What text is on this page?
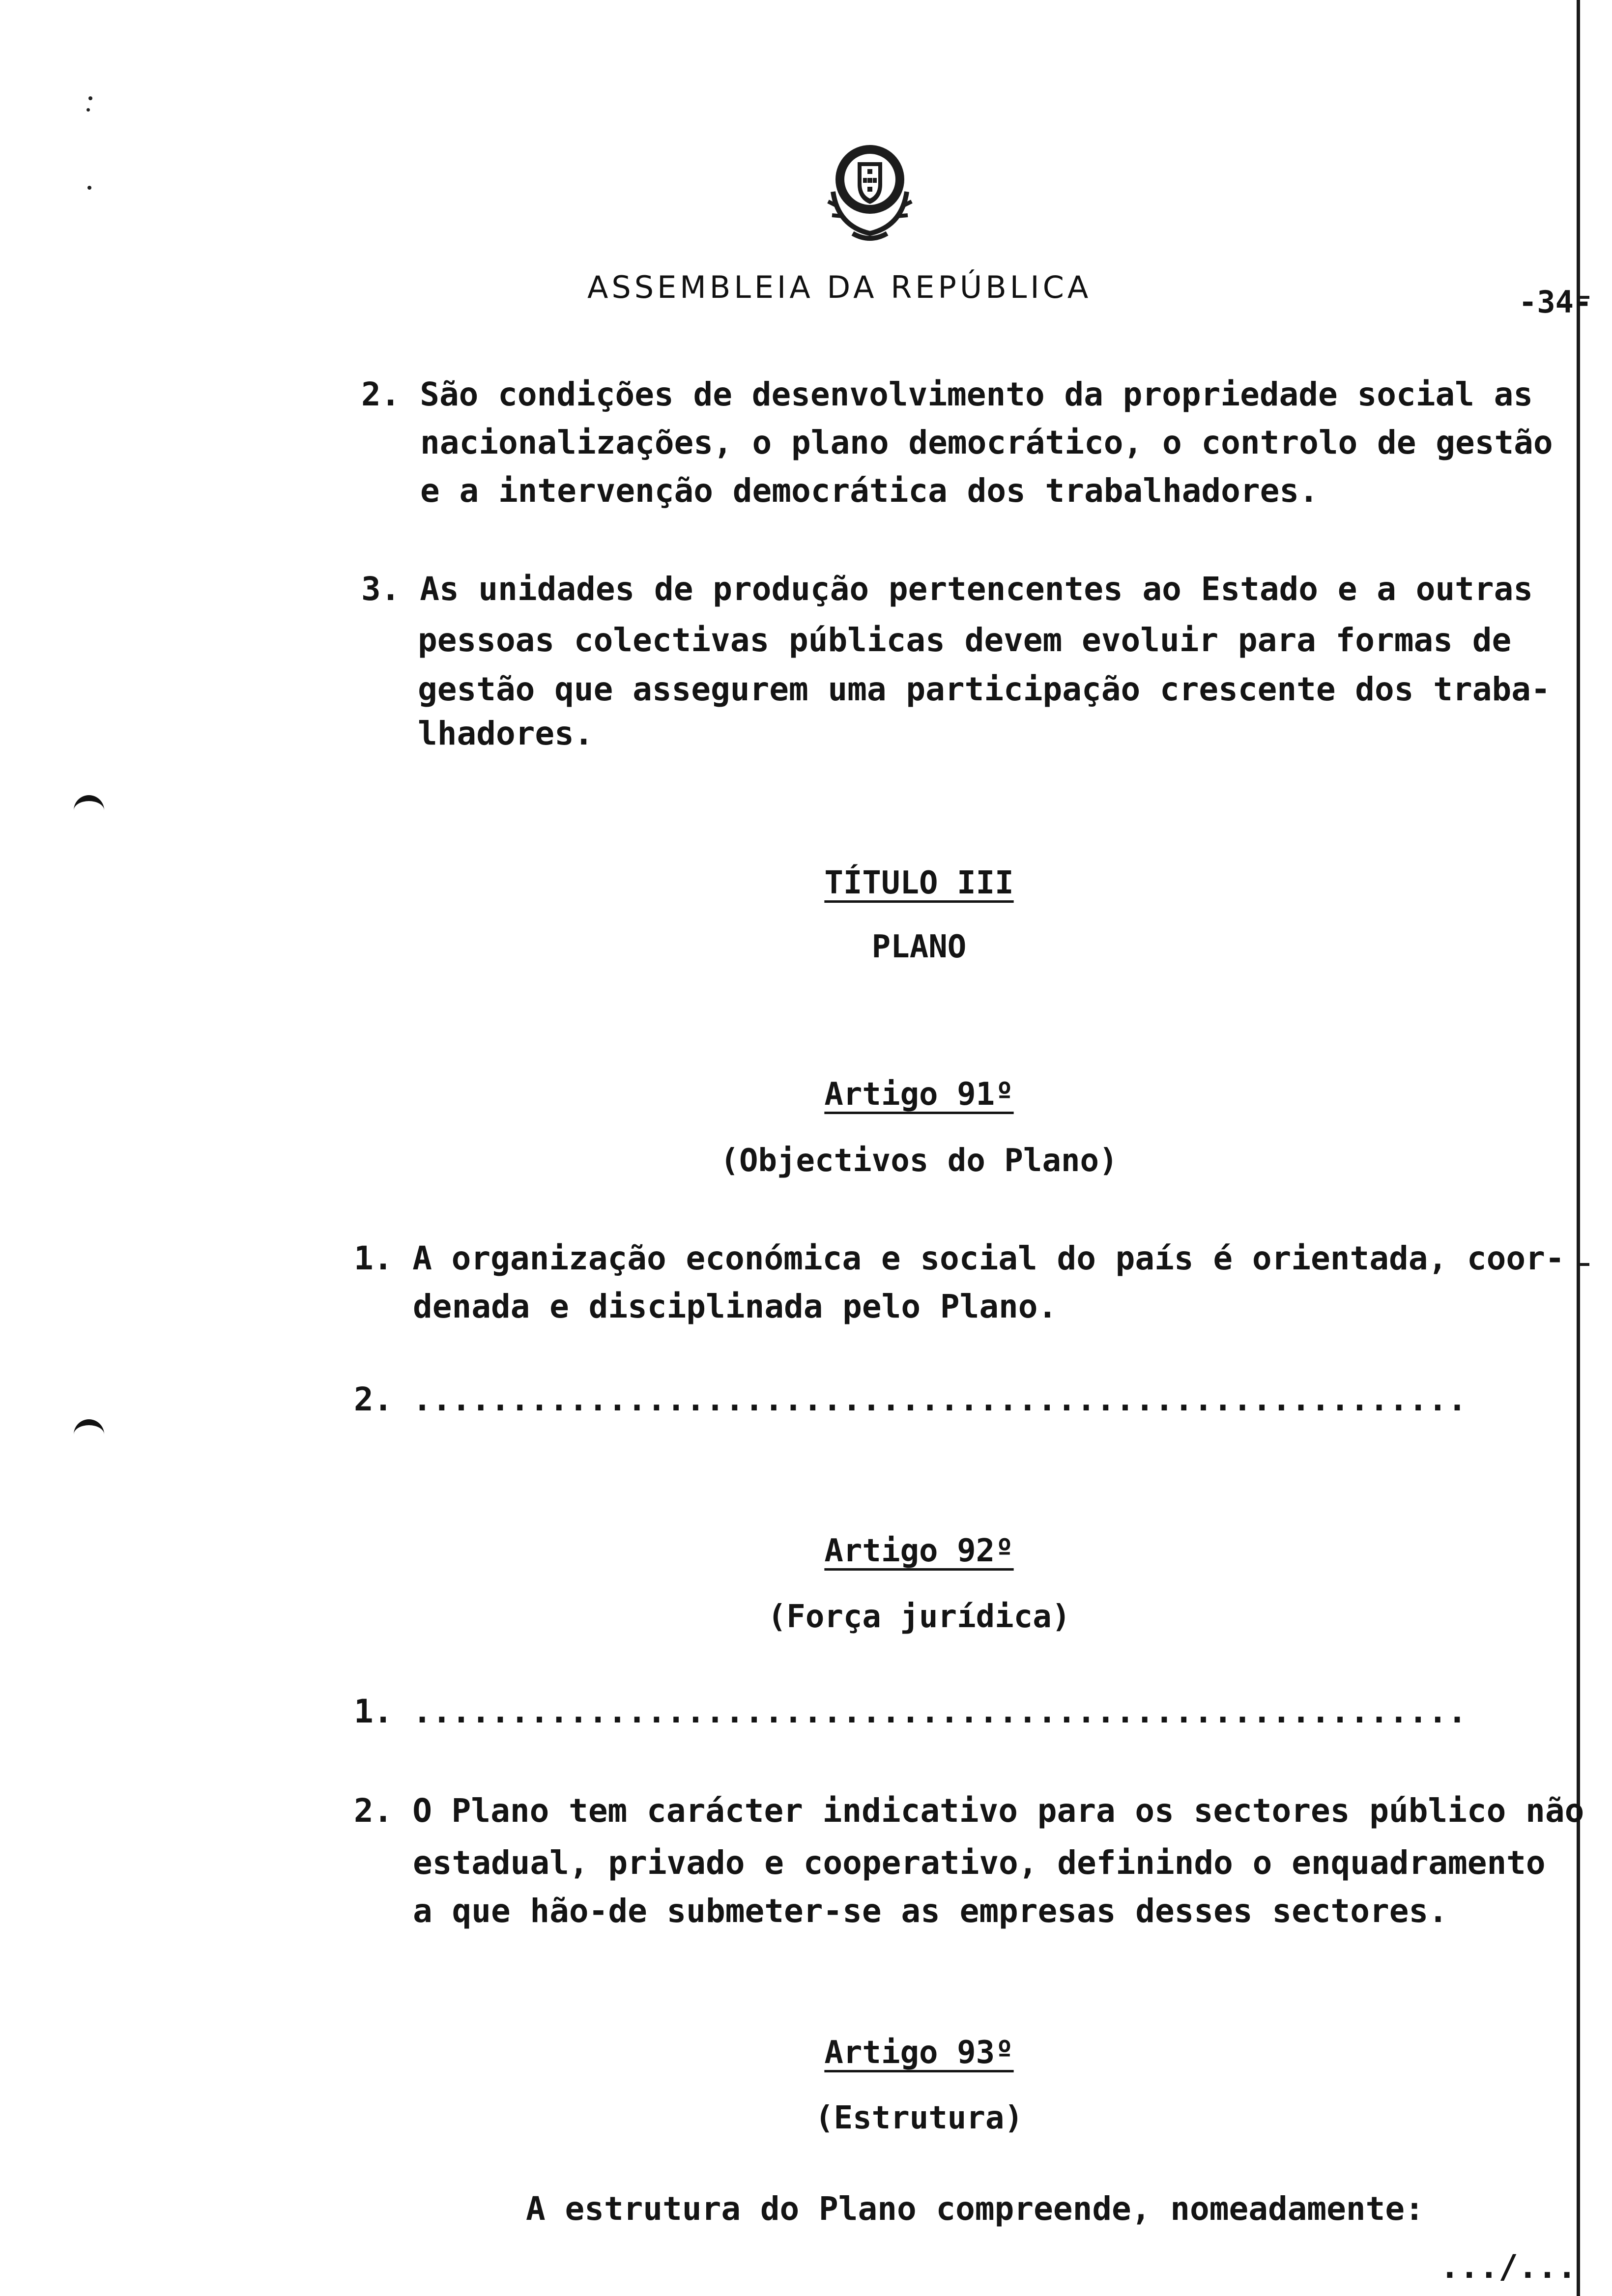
ASSEMBLEIA DA REPÚBLICA	-34-
2. São condições de desenvolvimento da propriedade social as
nacionalizações, o plano democrático, o controlo de gestão
e a intervenção democrática dos trabalhadores.
3. As unidades de produção pertencentes ao Estado e a outras
pessoas colectivas públicas devem evoluir para formas de
gestão que assegurem uma participação crescente dos traba-
lhadores.
TÍTULO III
PLANO
Artigo 91º
(Objectivos do Plano)
1. A organização económica e social do país é orientada, coor-
denada e disciplinada pelo Plano.
2. ......................................................
Artigo 92º
(Força jurídica)
1. ......................................................
2. O Plano tem carácter indicativo para os sectores público não
estadual, privado e cooperativo, definindo o enquadramento
a que hão-de submeter-se as empresas desses sectores.
Artigo 93º
(Estrutura)
A estrutura do Plano compreende, nomeadamente:
.../...
